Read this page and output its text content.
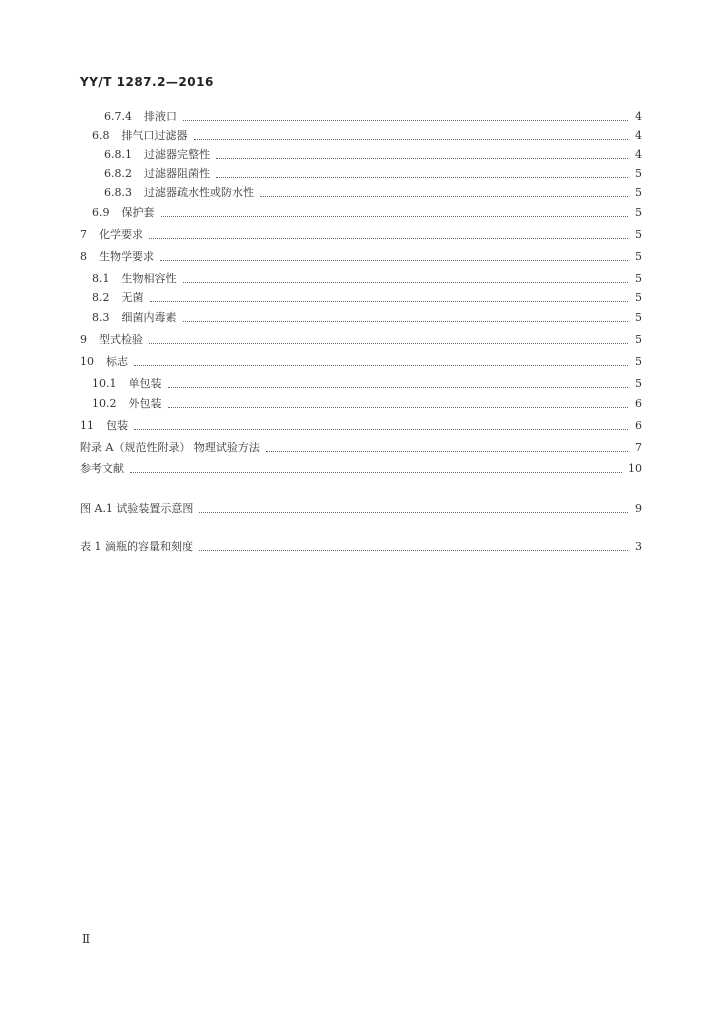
YY/T 1287.2—2016
6.7.4 排液口	4
6.8 排气口过滤器	4
6.8.1 过滤器完整性	4
6.8.2 过滤器阻菌性	5
6.8.3 过滤器疏水性或防水性	5
6.9 保护套	5
7 化学要求	5
8 生物学要求	5
8.1 生物相容性	5
8.2 无菌	5
8.3 细菌内毒素	5
9 型式检验	5
10 标志	5
10.1 单包装	5
10.2 外包装	6
11 包装	6
附录 A（规范性附录） 物理试验方法	7
参考文献	10
图 A.1 试验装置示意图	9
表 1 滴瓶的容量和刻度	3
Ⅱ
